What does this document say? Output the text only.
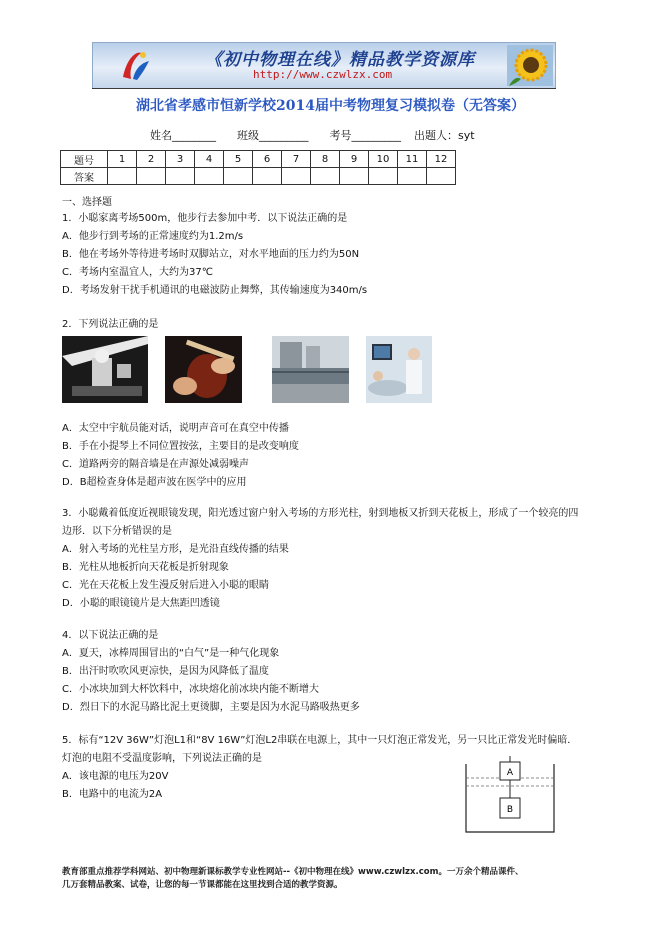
《初中物理在线》精品教学资源库
http://www.czwlzx.com
湖北省孝感市恒新学校2014届中考物理复习模拟卷（无答案）
姓名________ 班级_________ 考号_________ 出题人：syt
题号	1	2	3	4	5	6	7	8	9	10	11	12
答案												
一、选择题
1．小聪家离考场500m，他步行去参加中考．以下说法正确的是
A．他步行到考场的正常速度约为1.2m/s
B．他在考场外等待进考场时双脚站立，对水平地面的压力约为50N
C．考场内室温宜人，大约为37℃
D．考场发射干扰手机通讯的电磁波防止舞弊，其传输速度为340m/s
2．下列说法正确的是
A．太空中宇航员能对话，说明声音可在真空中传播
B．手在小提琴上不同位置按弦，主要目的是改变响度
C．道路两旁的隔音墙是在声源处减弱噪声
D．B超检查身体是超声波在医学中的应用
3．小聪戴着低度近视眼镜发现，阳光透过窗户射入考场的方形光柱，射到地板又折到天花板上，形成了一个较亮的四边形．以下分析错误的是
A．射入考场的光柱呈方形，是光沿直线传播的结果
B．光柱从地板折向天花板是折射现象
C．光在天花板上发生漫反射后进入小聪的眼睛
D．小聪的眼镜镜片是大焦距凹透镜
4．以下说法正确的是
A．夏天，冰棒周围冒出的“白气”是一种气化现象
B．出汗时吹吹风更凉快，是因为风降低了温度
C．小冰块加到大杯饮料中，冰块熔化前冰块内能不断增大
D．烈日下的水泥马路比泥土更烫脚，主要是因为水泥马路吸热更多
5．标有“12V 36W”灯泡L1和“8V 16W”灯泡L2串联在电源上，其中一只灯泡正常发光，另一只比正常发光时偏暗．灯泡的电阻不受温度影响，下列说法正确的是
A．该电源的电压为20V
B．电路中的电流为2A
A
B
教育部重点推荐学科网站、初中物理新课标教学专业性网站--《初中物理在线》www.czwlzx.com。一万余个精品课件、
几万套精品教案、试卷，让您的每一节课都能在这里找到合适的教学资源。
